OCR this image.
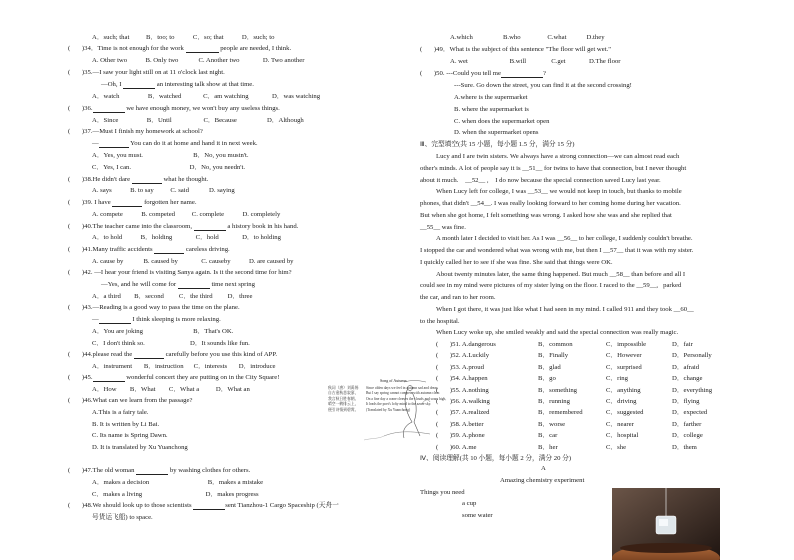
A．such; that          B．too; to           C．so; that           D．such; to
(       )34．Time is not enough for the work	people are needed, I think.
A. Other two           B. Only two            C. Another two              D. Two another
(       )35.—I saw your light still on at 11 o'clock last night.
—Oh, I	an interesting talk show at that time.
A．watch                 B．watched             C．am watching              D．was watching
(       )36.	we have enough money, we won't buy any useless things.
A．Since                 B．Until                   C．Because                  D．Although
(       )37.—Must I finish my homework at school?
—	You can do it at home and hand it in next week.
A．Yes, you must.                              B．No, you mustn't.
C．Yes, I can.                                   D．No, you needn't.
(       )38.He didn't dare	what he thought.
A. says           B. to say          C. said            D. saying
(       )39. I have	forgotten her name.
A. compete           B. competed          C. complete           D. completely
(       )40.The teacher came into the classroom,	a history book in his hand.
A．to hold           B．holding              C．hold              D．to holding
(       )41.Many traffic accidents	careless driving.
A. cause by            B. caused by              C. causeby           D. are caused by
(       )42. —I hear your friend is visiting Sanya again. Is it the second time for him?
—Yes, and he will come for	time next spring
A．a third        B．second         C．the third         D．three
(       )43.—Reading is a good way to pass the time on the plane.
—	I think sleeping is more relaxing.
A．You are joking                              B．That's OK.
C．I don't think so.                           D．It sounds like fun.
(       )44.please read the	carefully before you use this kind of APP.
A．instrument       B．instruction      C．interests       D．introduce
(       )45.	wonderful concert they are putting on in the City Square!
A．How        B．What        C．What a          D．What an
(       )46.What can we learn from the passage?
A.This is a fairy tale.
B. It is written by Li Bai.
C. Its name is Spring Dawn.
D. It is translated by Xu Yuanchong
(       )47.The old woman	by washing clothes for others.
A．makes a decision                                   B．makes a mistake
C．makes a living                                      D．makes progress
(       )48.We should look up to those scientists	sent Tianzhou-1 Cargo Spaceship (天舟一
号货运飞船) to space.
Song of Autumn
秋词（唐）刘禹锡
自古逢秋悲寂寥，
我言秋日胜春朝。
晴空一鹤排云上，
便引诗情到碧霄。
Since olden days we feel in autumn sad and drear,
But I say spring cannot compete with autumn clear.
On a fine day a crane cleaves the clouds and soars high,
It leads the poet's lofty mind to the azure sky.
(Translated by Xu Yuanchong)
A.which                  B.who                C.what            D.they
(       )49．What is the subject of this sentence "The floor will get wet."
A. wet                         B.will               C.get              D.The floor
(       )50. ---Could you tell me	?
---Sure. Go down the street, you can find it at the second crossing!
A.where is the supermarket
B. where the supermarket is
C. when does the supermarket open
D. when the supermarket opens
Ⅲ、完型填空(共 15 小题，每小题 1.5 分，满分 15 分)
Lucy and I are twin sisters. We always have a strong connection—we can almost read each
other's minds. A lot of people say it is __51__ for twins to have that connection, but I never thought
about it much.    __52__ ,    I do now because the special connection saved Lucy last year.
When Lucy left for college, I was __53__ we would not keep in touch, but thanks to mobile
phones, that didn't __54__. I was really looking forward to her coming home during her vacation.
But when she got home, I felt something was wrong. I asked how she was and she replied that
__55__ was fine.
A month later I decided to visit her. As I was __56__ to her college, I suddenly couldn't breathe.
I stopped the car and wondered what was wrong with me, but then I __57__ that it was with my sister.
I quickly called her to see if she was fine. She said that things were OK.
About twenty minutes later, the same thing happened. But much __58__ than before and all I
could see in my mind were pictures of my sister lying on the floor. I raced to the __59__,   parked
the car, and ran to her room.
When I got there, it was just like what I had seen in my mind. I called 911 and they took __60__
to the hospital.
When Lucy woke up, she smiled weakly and said the special connection was really magic.
(       )51. A.dangerous	B．common	C．impossible	D．fair
(       )52. A.Luckily	B．Finally	C．However	D．Personally
(       )53. A.proud	B．glad	C．surprised	D．afraid
(       )54. A.happen	B．go	C．ring	D．change
(       )55. A.nothing	B．something	C．anything	D．everything
(       )56. A.walking	B．running	C．driving	D．flying
(       )57. A.realized	B．remembered	C．suggested	D．expected
(       )58. A.better	B．worse	C．nearer	D．farther
(       )59. A.phone	B．car	C．hospital	D．college
(       )60. A.me	B．her	C．she	D．them
Ⅳ、阅读理解(共 10 小题，每小题 2 分，满分 20 分)
A
Amazing chemistry experiment
Things you need
a cup
some water
